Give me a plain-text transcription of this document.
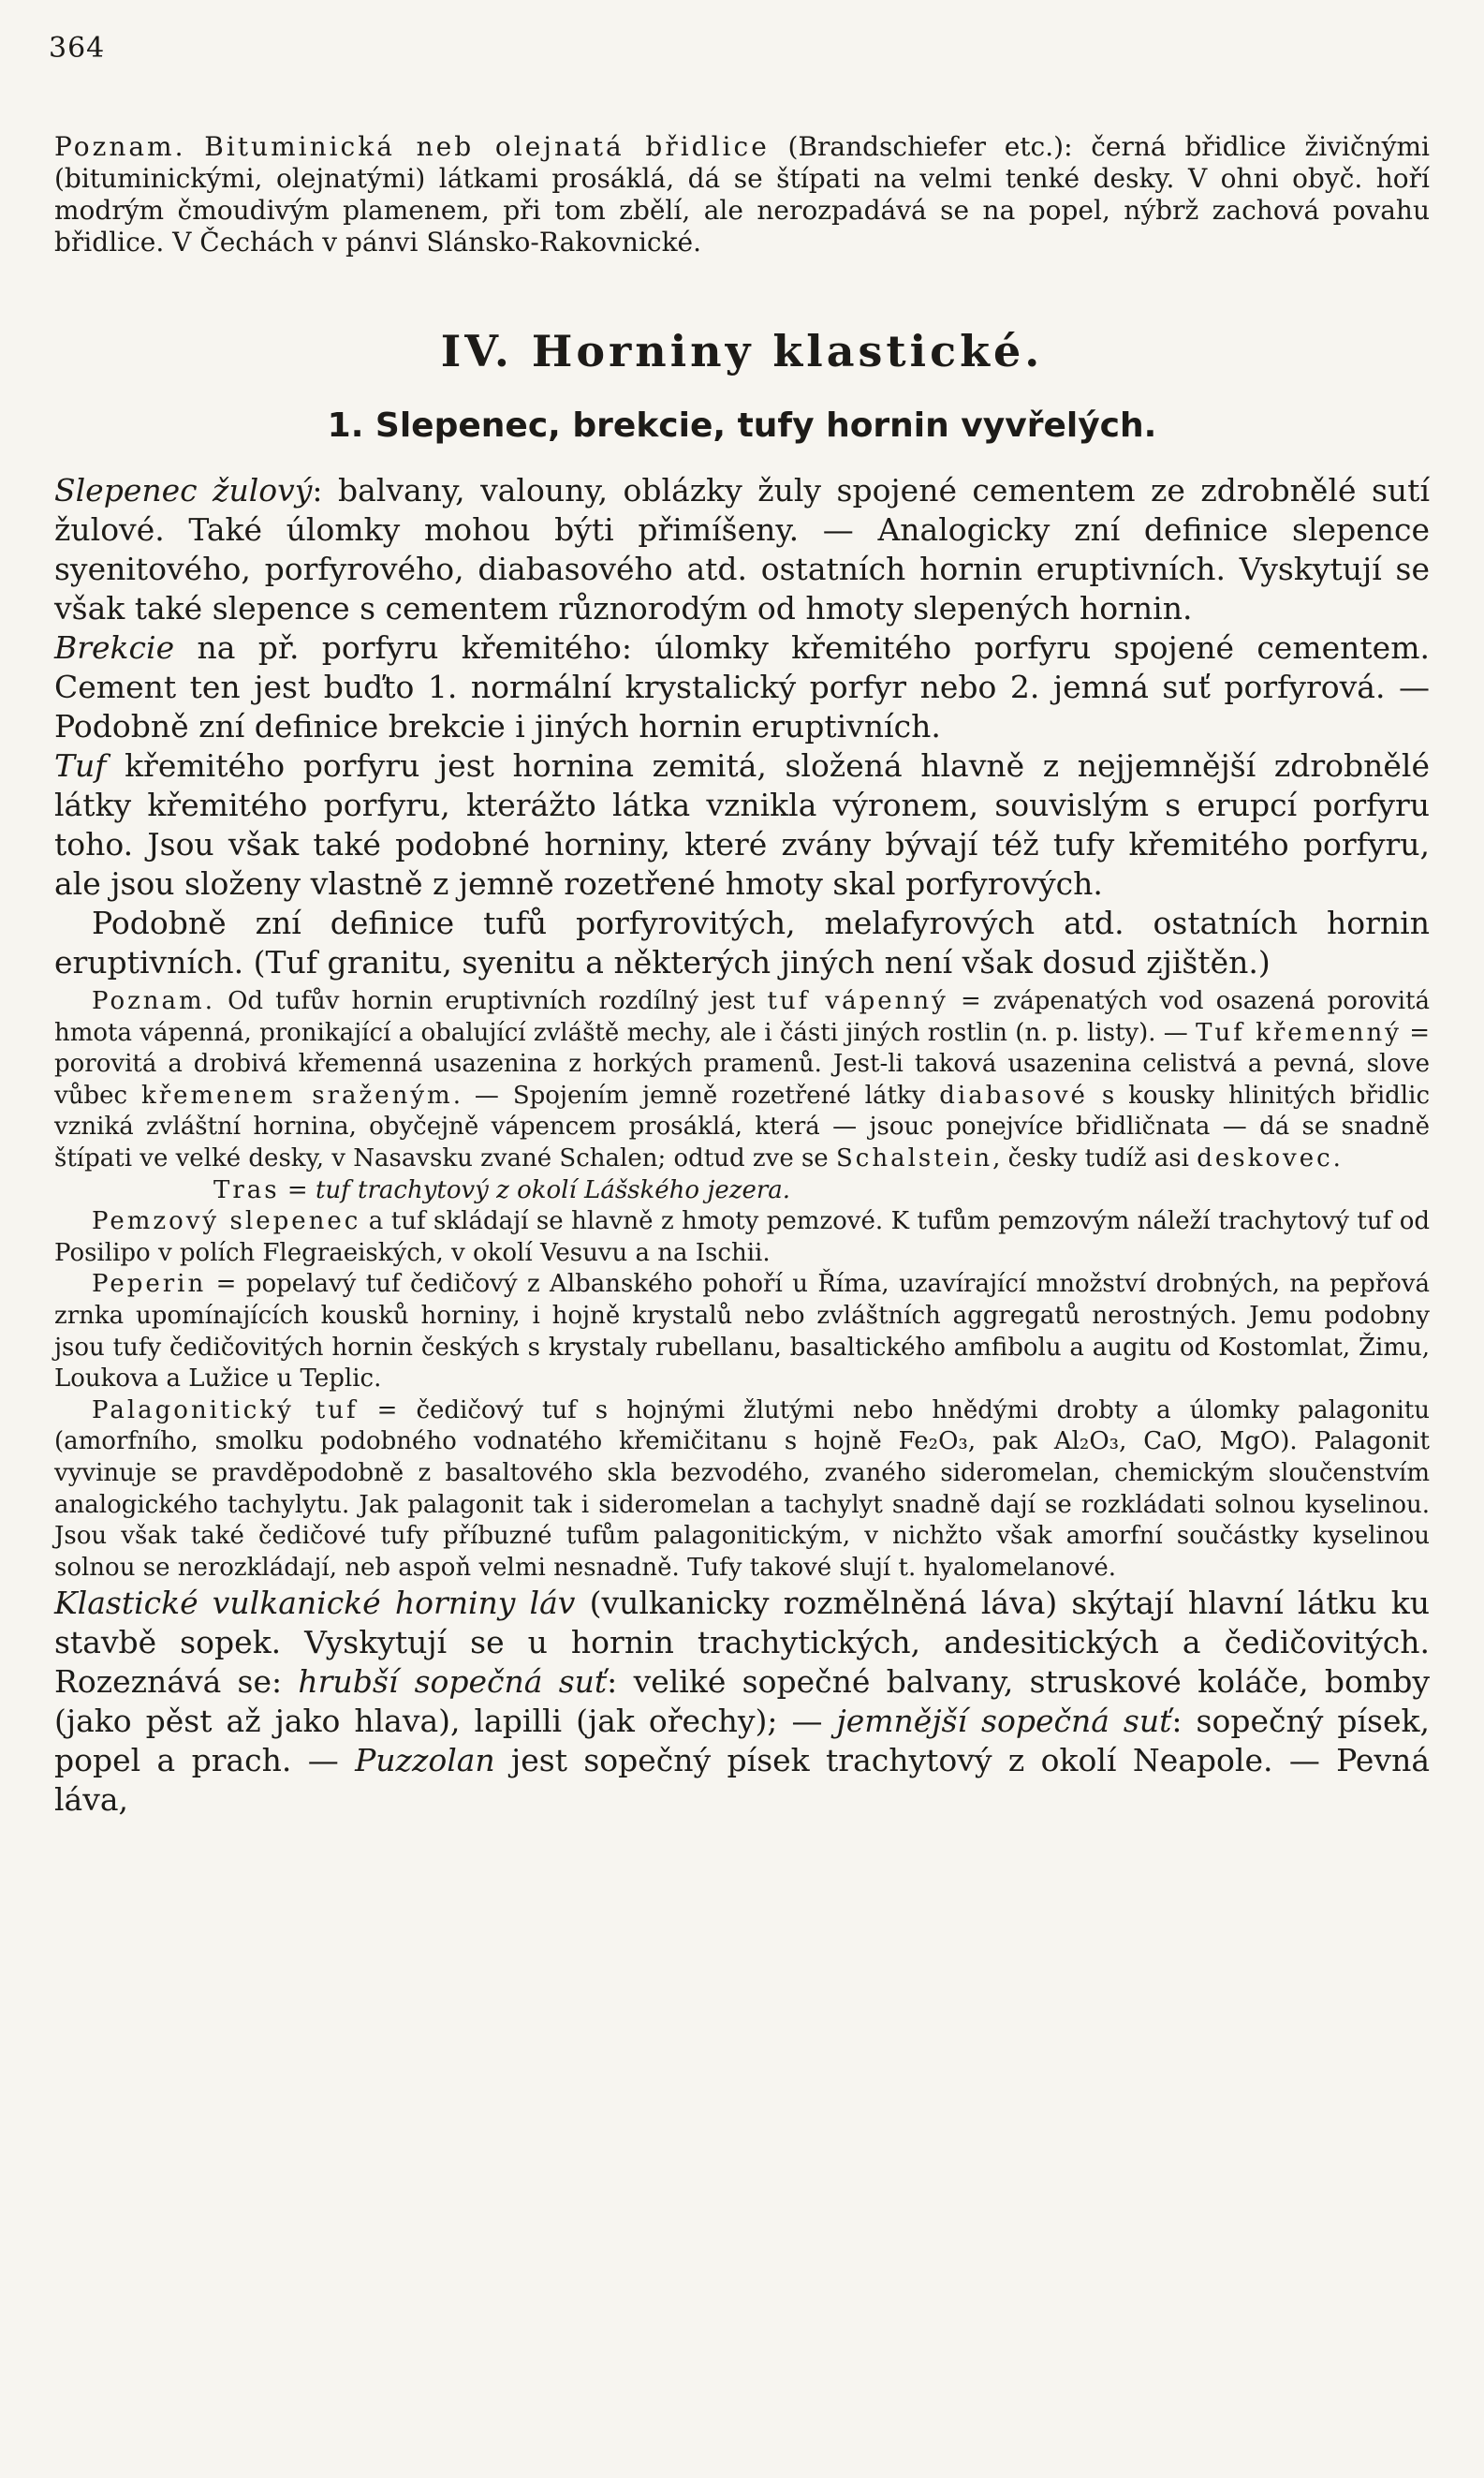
364

Poznam. Bituminická neb olejnatá břidlice (Brandschiefer etc.): černá břidlice živičnými (bituminickými, olejnatými) látkami prosáklá, dá se štípati na velmi tenké desky. V ohni obyč. hoří modrým čmoudivým plamenem, při tom zbělí, ale nerozpadává se na popel, nýbrž zachová povahu břidlice. V Čechách v pánvi Slánsko-Rakovnické.

IV. Horniny klastické.
1. Slepenec, brekcie, tufy hornin vyvřelých.

Slepenec žulový: balvany, valouny, oblázky žuly spojené cementem ze zdrobnělé sutí žulové. Také úlomky mohou býti přimíšeny. — Analogicky zní definice slepence syenitového, porfyrového, diabasového atd. ostatních hornin eruptivních. Vyskytují se však také slepence s cementem různorodým od hmoty slepených hornin.

Brekcie na př. porfyru křemitého: úlomky křemitého porfyru spojené cementem. Cement ten jest buďto 1. normální krystalický porfyr nebo 2. jemná suť porfyrová. — Podobně zní definice brekcie i jiných hornin eruptivních.

Tuf křemitého porfyru jest hornina zemitá, složená hlavně z nejjemnější zdrobnělé látky křemitého porfyru, kterážto látka vznikla výronem, souvislým s erupcí porfyru toho. Jsou však také podobné horniny, které zvány bývají též tufy křemitého porfyru, ale jsou složeny vlastně z jemně rozetřené hmoty skal porfyrových.

Podobně zní definice tufů porfyrovitých, melafyrových atd. ostatních hornin eruptivních. (Tuf granitu, syenitu a některých jiných není však dosud zjištěn.)

Poznam. Od tufův hornin eruptivních rozdílný jest tuf vápenný = zvápenatých vod osazená porovitá hmota vápenná, pronikající a obalující zvláště mechy, ale i části jiných rostlin (n. p. listy). — Tuf křemenný = porovitá a drobivá křemenná usazenina z horkých pramenů. Jest-li taková usazenina celistvá a pevná, slove vůbec křemenem sraženým. — Spojením jemně rozetřené látky diabasové s kousky hlinitých břidlic vzniká zvláštní hornina, obyčejně vápencem prosáklá, která — jsouc ponejvíce břidličnata — dá se snadně štípati ve velké desky, v Nasavsku zvané Schalen; odtud zve se Schalstein, česky tudíž asi deskovec.

Tras = tuf trachytový z okolí Lášského jezera.

Pemzový slepenec a tuf skládají se hlavně z hmoty pemzové. K tufům pemzovým náleží trachytový tuf od Posilipo v polích Flegraeiských, v okolí Vesuvu a na Ischii.

Peperin = popelavý tuf čedičový z Albanského pohoří u Říma, uzavírající množství drobných, na pepřová zrnka upomínajících kousků horniny, i hojně krystalů nebo zvláštních aggregatů nerostných. Jemu podobny jsou tufy čedičovitých hornin českých s krystaly rubellanu, basaltického amfibolu a augitu od Kostomlat, Žimu, Loukova a Lužice u Teplic.

Palagonitický tuf = čedičový tuf s hojnými žlutými nebo hnědými drobty a úlomky palagonitu (amorfního, smolku podobného vodnatého křemičitanu s hojně Fe₂O₃, pak Al₂O₃, CaO, MgO). Palagonit vyvinuje se pravděpodobně z basaltového skla bezvodého, zvaného sideromelan, chemickým sloučenstvím analogického tachylytu. Jak palagonit tak i sideromelan a tachylyt snadně dají se rozkládati solnou kyselinou. Jsou však také čedičové tufy příbuzné tufům palagonitickým, v nichžto však amorfní součástky kyselinou solnou se nerozkládají, neb aspoň velmi nesnadně. Tufy takové slují t. hyalomelanové.

Klastické vulkanické horniny láv (vulkanicky rozmělněná láva) skýtají hlavní látku ku stavbě sopek. Vyskytují se u hornin trachytických, andesitických a čedičovitých. Rozeznává se: hrubší sopečná suť: veliké sopečné balvany, struskové koláče, bomby (jako pěst až jako hlava), lapilli (jak ořechy); — jemnější sopečná suť: sopečný písek, popel a prach. — Puzzolan jest sopečný písek trachytový z okolí Neapole. — Pevná láva,
